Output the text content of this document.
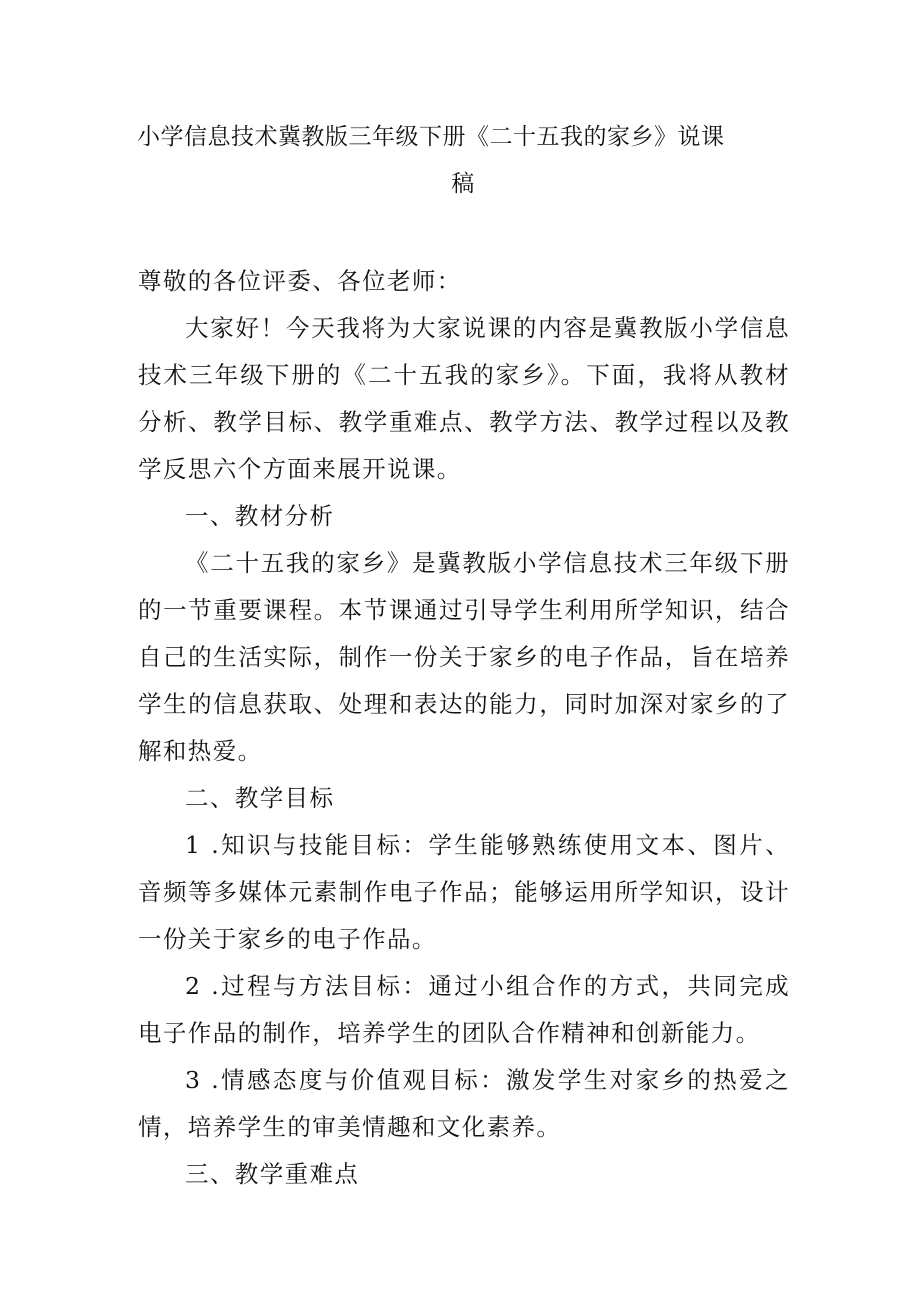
小学信息技术冀教版三年级下册《二十五我的家乡》说课
稿

尊敬的各位评委、各位老师：

大家好！今天我将为大家说课的内容是冀教版小学信息技术三年级下册的《二十五我的家乡》。下面，我将从教材分析、教学目标、教学重难点、教学方法、教学过程以及教学反思六个方面来展开说课。

一、教材分析

《二十五我的家乡》是冀教版小学信息技术三年级下册的一节重要课程。本节课通过引导学生利用所学知识，结合自己的生活实际，制作一份关于家乡的电子作品，旨在培养学生的信息获取、处理和表达的能力，同时加深对家乡的了解和热爱。

二、教学目标

1 .知识与技能目标：学生能够熟练使用文本、图片、音频等多媒体元素制作电子作品；能够运用所学知识，设计一份关于家乡的电子作品。

2 .过程与方法目标：通过小组合作的方式，共同完成电子作品的制作，培养学生的团队合作精神和创新能力。

3 .情感态度与价值观目标：激发学生对家乡的热爱之情，培养学生的审美情趣和文化素养。

三、教学重难点
